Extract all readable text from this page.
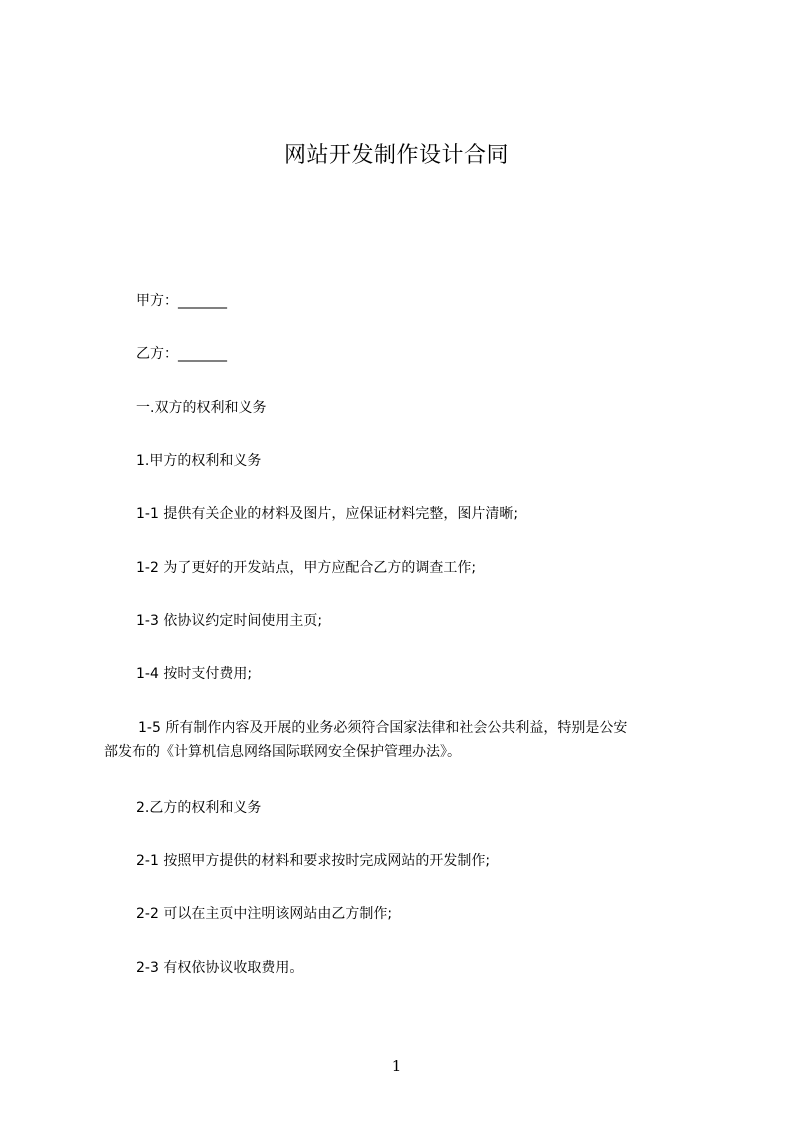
网站开发制作设计合同
甲方：_______
乙方：_______
一.双方的权利和义务
1.甲方的权利和义务
1-1 提供有关企业的材料及图片，应保证材料完整，图片清晰;
1-2 为了更好的开发站点，甲方应配合乙方的调查工作;
1-3 依协议约定时间使用主页;
1-4 按时支付费用;
1-5 所有制作内容及开展的业务必须符合国家法律和社会公共利益，特别是公安
部发布的《计算机信息网络国际联网安全保护管理办法》。
2.乙方的权利和义务
2-1 按照甲方提供的材料和要求按时完成网站的开发制作;
2-2 可以在主页中注明该网站由乙方制作;
2-3 有权依协议收取费用。
1
